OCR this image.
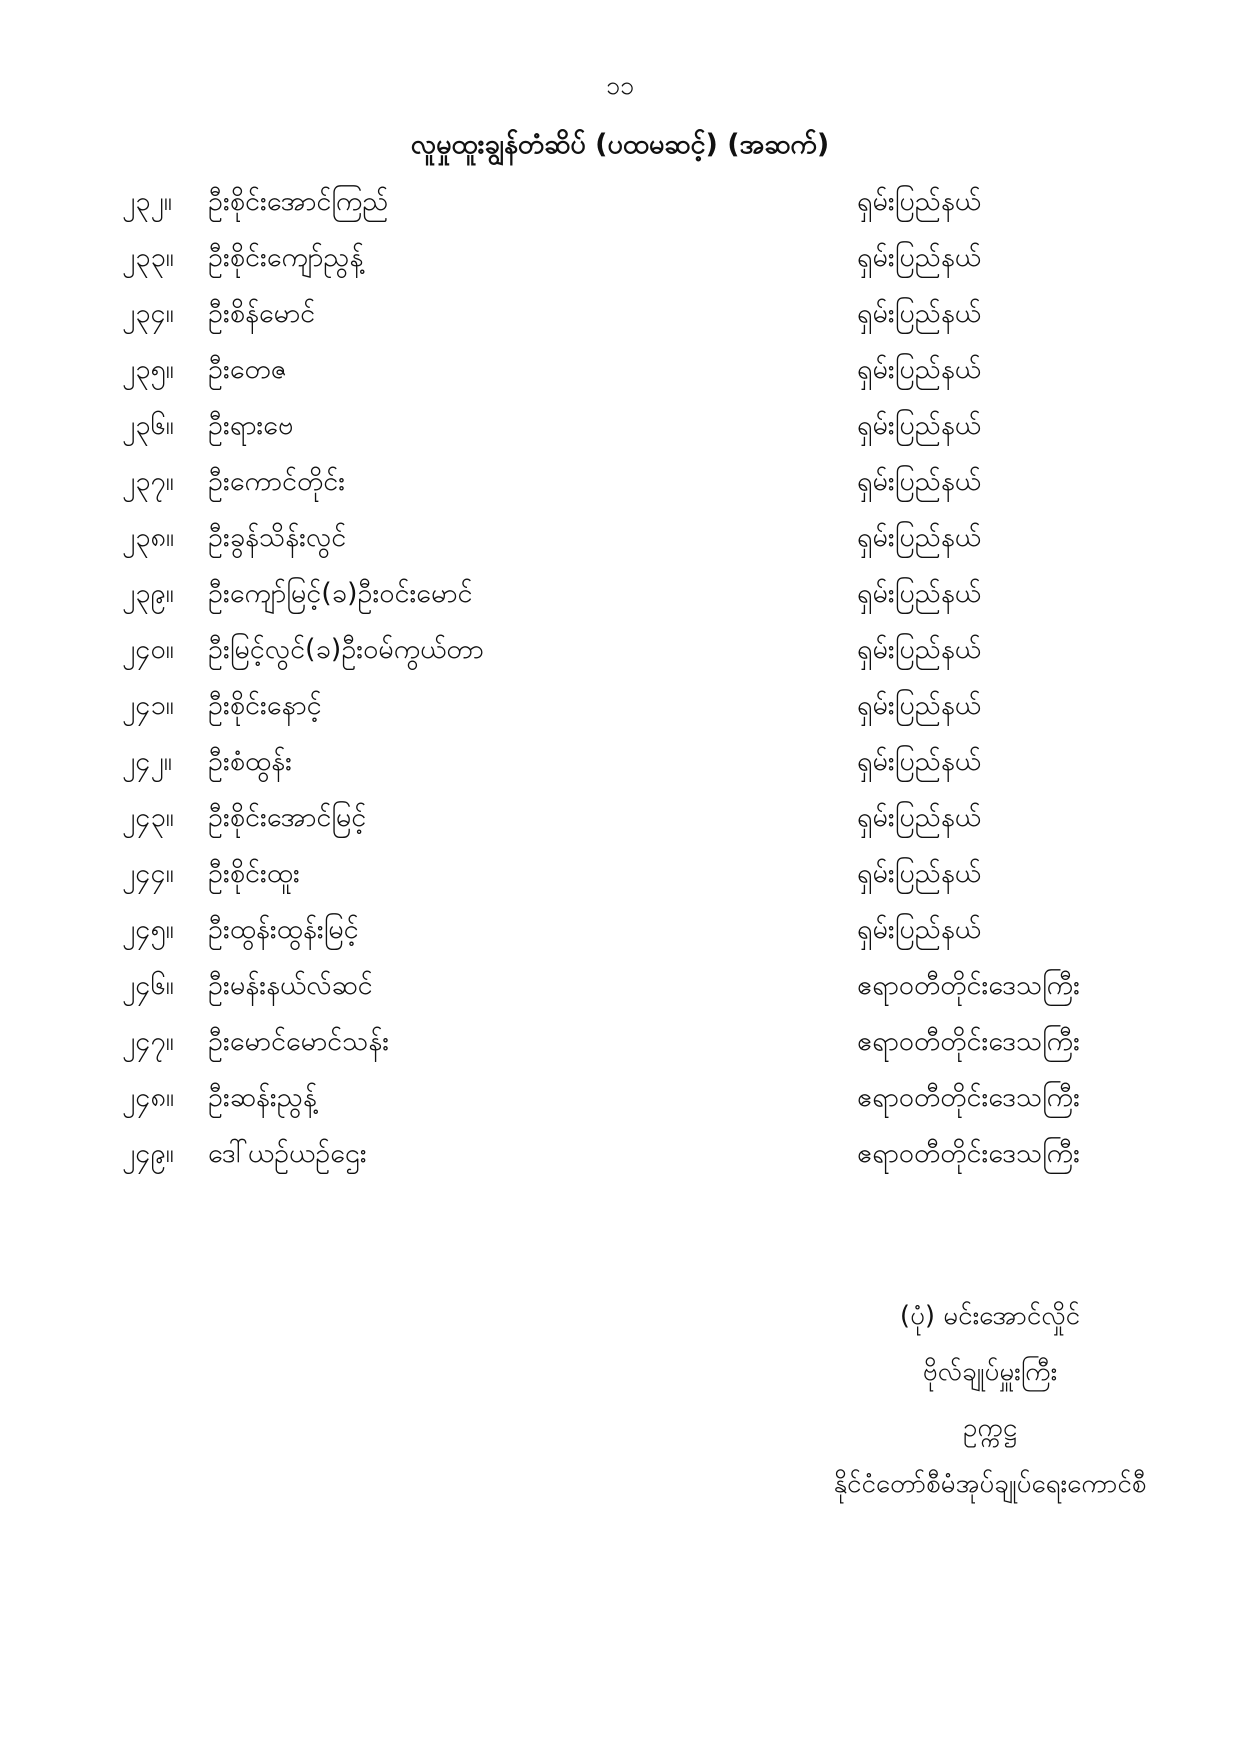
၁၁
လူမှုထူးချွန်တံဆိပ် (ပထမဆင့်) (အဆက်)
၂၃၂။ ဦးစိုင်းအောင်ကြည်	ရှမ်းပြည်နယ်
၂၃၃။ ဦးစိုင်းကျော်ညွန့်	ရှမ်းပြည်နယ်
၂၃၄။ ဦးစိန်မောင်	ရှမ်းပြည်နယ်
၂၃၅။ ဦးတေဇ	ရှမ်းပြည်နယ်
၂၃၆။ ဦးရားဗေ	ရှမ်းပြည်နယ်
၂၃၇။ ဦးကောင်တိုင်း	ရှမ်းပြည်နယ်
၂၃၈။ ဦးခွန်သိန်းလွင်	ရှမ်းပြည်နယ်
၂၃၉။ ဦးကျော်မြင့်(ခ)ဦးဝင်းမောင်	ရှမ်းပြည်နယ်
၂၄၀။ ဦးမြင့်လွင်(ခ)ဦးဝမ်ကွယ်တာ	ရှမ်းပြည်နယ်
၂၄၁။ ဦးစိုင်းနောင့်	ရှမ်းပြည်နယ်
၂၄၂။ ဦးစံထွန်း	ရှမ်းပြည်နယ်
၂၄၃။ ဦးစိုင်းအောင်မြင့်	ရှမ်းပြည်နယ်
၂၄၄။ ဦးစိုင်းထူး	ရှမ်းပြည်နယ်
၂၄၅။ ဦးထွန်းထွန်းမြင့်	ရှမ်းပြည်နယ်
၂၄၆။ ဦးမန်းနယ်လ်ဆင်	ဧရာဝတီတိုင်းဒေသကြီး
၂၄၇။ ဦးမောင်မောင်သန်း	ဧရာဝတီတိုင်းဒေသကြီး
၂၄၈။ ဦးဆန်းညွန့်	ဧရာဝတီတိုင်းဒေသကြီး
၂၄၉။ ဒေါ်ယဉ်ယဉ်ဌေး	ဧရာဝတီတိုင်းဒေသကြီး
(ပုံ) မင်းအောင်လှိုင်
ဗိုလ်ချုပ်မှူးကြီး
ဥက္ကဋ္ဌ
နိုင်ငံတော်စီမံအုပ်ချုပ်ရေးကောင်စီ
